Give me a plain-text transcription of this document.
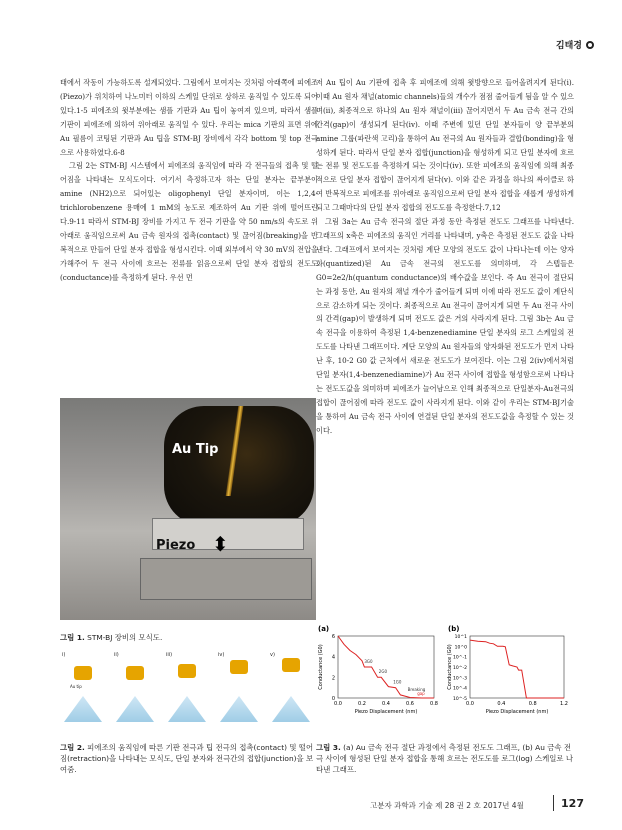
김태경

태에서 작동이 가능하도록 설계되었다. 그림에서 보여지는 것처럼 아래쪽에 피에조(Piezo)가 위치하여 나노미터 이하의 스케일 단위로 상하로 움직일 수 있도록 되어있다.1-5 피에조의 윗부분에는 샘플 기판과 Au 팁이 놓여져 있으며, 따라서 샘플 기판이 피에조에 의하여 위아래로 움직일 수 있다. 우리는 mica 기판의 표면 위에 Au 필름이 코팅된 기판과 Au 팁을 STM-BJ 장비에서 각각 bottom 및 top 전극으로 사용하였다.6-8

그림 2는 STM-BJ 시스템에서 피에조의 움직임에 따라 각 전극들의 접촉 및 떨어짐을 나타내는 모식도이다. 여기서 측정하고자 하는 단일 분자는 끝부분이 amine (NH2)으로 되어있는 oligophenyl 단일 분자이며, 이는 1,2,4-trichlorobenzene 용매에 1 mM의 농도로 제조하여 Au 기판 위에 떨어뜨린다.9-11 따라서 STM-BJ 장비를 가지고 두 전극 기판을 약 50 nm/s의 속도로 위아래로 움직임으로써 Au 금속 원자의 접촉(contact) 및 끊어짐(breaking)을 반복적으로 만들어 단일 분자 접합을 형성시킨다. 이때 외부에서 약 30 mV의 전압을 가해주어 두 전극 사이에 흐르는 전류를 읽음으로써 단일 분자 접합의 전도도(conductance)를 측정하게 된다. 우선 먼

저 Au 팁이 Au 기판에 접촉 후 피에조에 의해 윗방향으로 들어올려지게 된다(i). 이때 Au 원자 채널(atomic channels)들의 개수가 점점 줄어들게 됨을 알 수 있으며(ii), 최종적으로 하나의 Au 원자 채널이(iii) 끊어지면서 두 Au 금속 전극 간의 간격(gap)이 생성되게 된다(iv). 이때 주변에 있던 단일 분자들이 양 끝부분의 amine 그룹(파란색 고리)을 통하여 Au 전극의 Au 원자들과 결합(bonding)을 형성하게 된다. 따라서 단일 분자 접합(junction)을 형성하게 되고 단일 분자에 흐르는 전류 및 전도도를 측정하게 되는 것이다(iv). 또한 피에조의 움직임에 의해 최종적으로 단일 분자 접합이 끊어지게 된다(v). 이와 같은 과정을 하나의 싸이클로 하여 반복적으로 피에조를 위아래로 움직임으로써 단일 분자 접합을 새롭게 생성하게 되고 그때마다의 단일 분자 접합의 전도도를 측정한다.7,12

그림 3a는 Au 금속 전극의 절단 과정 동안 측정된 전도도 그래프를 나타낸다. 그래프의 x축은 피에조의 움직인 거리를 나타내며, y축은 측정된 전도도 값을 나타낸다. 그래프에서 보여지는 것처럼 계단 모양의 전도도 값이 나타나는데 이는 양자화(quantized)된 Au 금속 전극의 전도도를 의미하며, 각 스텝들은 G0=2e2/h(quantum conductance)의 배수값을 보인다. 즉 Au 전극이 절단되는 과정 동안, Au 원자의 채널 개수가 줄어들게 되며 이에 따라 전도도 값이 계단식으로 감소하게 되는 것이다. 최종적으로 Au 전극이 끊어지게 되면 두 Au 전극 사이의 간격(gap)이 발생하게 되며 전도도 값은 거의 사라지게 된다. 그림 3b는 Au 금속 전극을 이용하여 측정된 1,4-benzenediamine 단일 분자의 로그 스케일의 전도도를 나타낸 그래프이다. 계단 모양의 Au 원자들의 양자화된 전도도가 먼저 나타난 후, 10-2 G0 값 근처에서 새로운 전도도가 보여진다. 이는 그림 2(iv)에서처럼 단일 분자(1,4-benzenediamine)가 Au 전극 사이에 접합을 형성함으로써 나타나는 전도도값을 의미하며 피에조가 늘어남으로 인해 최종적으로 단일분자-Au전극의 접합이 끊어짐에 따라 전도도 값이 사라지게 된다. 이와 같이 우리는 STM-BJ기술을 통하여 Au 금속 전극 사이에 연결된 단일 분자의 전도도값을 측정할 수 있는 것이다.

Au Tip
Piezo ⬍
그림 1. STM-BJ 장비의 모식도.
i)
Au tip
ii)	iii)	iv)	v)
그림 2. 피에조의 움직임에 따른 기판 전극과 팁 전극의 접촉(contact) 및 떨어짐(retraction)을 나타내는 모식도, 단일 분자와 전극간의 접합(junction)을 보여줌.
(a)
0.0	0.2	0.4	0.6	0.8
0
2
4
6
Piezo Displacement (nm)
Conductance (G0)	3G0
2G0
1G0
Breaking
gap
(b)
0.0	0.4	0.8	1.2
10^1
10^0
10^-1
10^-2
10^-3
10^-4
10^-5
Piezo Displacement (nm)
Conductance (G0)
그림 3. (a) Au 금속 전극 절단 과정에서 측정된 전도도 그래프, (b) Au 금속 전극 사이에 형성된 단일 분자 접합을 통해 흐르는 전도도를 로그(log) 스케일로 나타낸 그래프.
고분자 과학과 기술 제 28 권 2 호 2017년 4월	127
